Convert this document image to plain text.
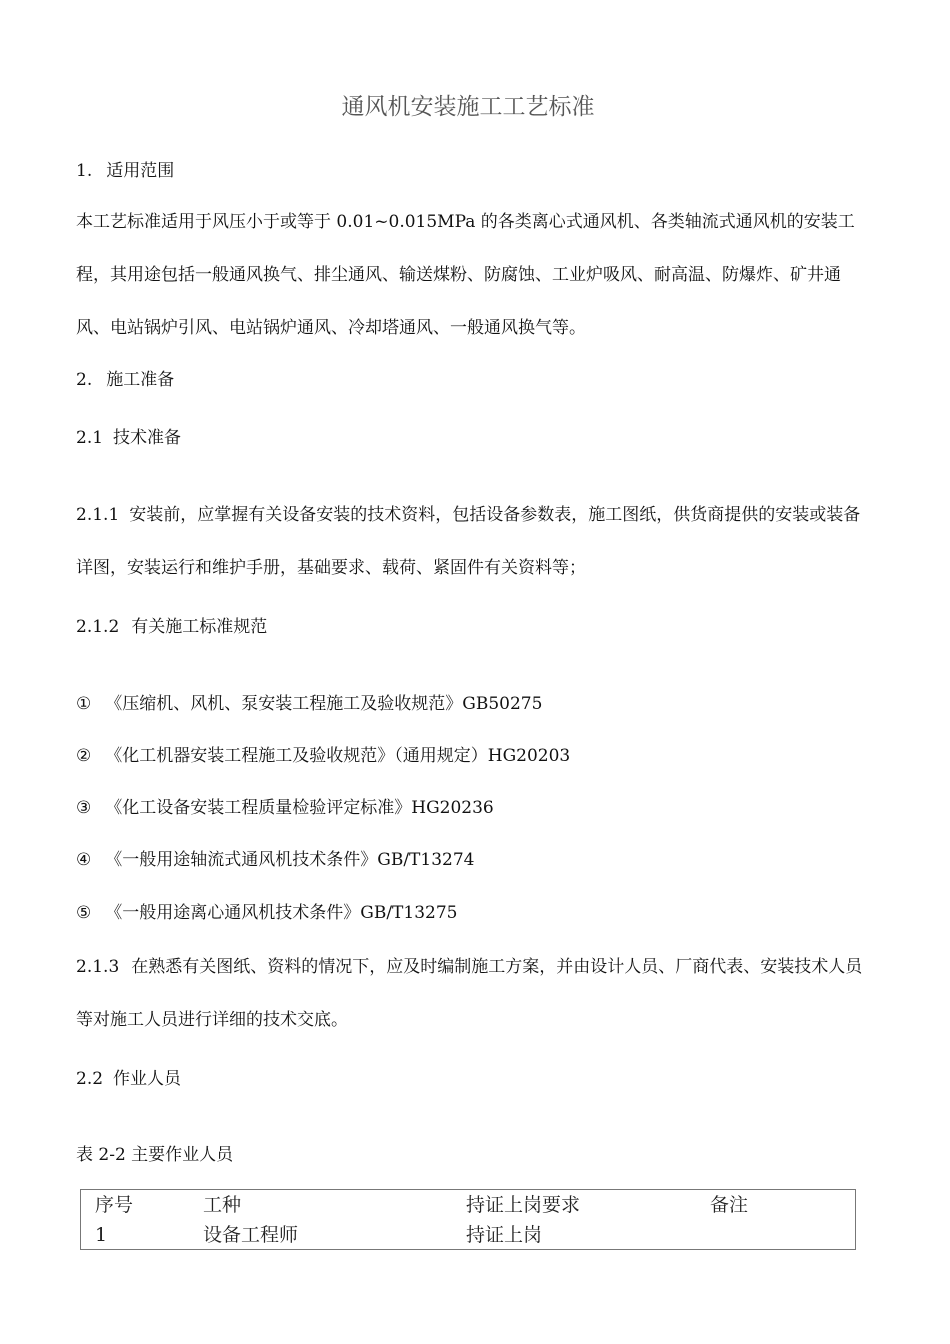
通风机安装施工工艺标准
1. 适用范围
本工艺标准适用于风压小于或等于 0.01~0.015MPa 的各类离心式通风机、各类轴流式通风机的安装工程，其用途包括一般通风换气、排尘通风、输送煤粉、防腐蚀、工业炉吸风、耐高温、防爆炸、矿井通风、电站锅炉引风、电站锅炉通风、冷却塔通风、一般通风换气等。
2. 施工准备
2.1 技术准备
2.1.1 安装前，应掌握有关设备安装的技术资料，包括设备参数表，施工图纸，供货商提供的安装或装备详图，安装运行和维护手册，基础要求、载荷、紧固件有关资料等；
2.1.2 有关施工标准规范
① 《压缩机、风机、泵安装工程施工及验收规范》GB50275
② 《化工机器安装工程施工及验收规范》（通用规定）HG20203
③ 《化工设备安装工程质量检验评定标准》HG20236
④ 《一般用途轴流式通风机技术条件》GB/T13274
⑤ 《一般用途离心通风机技术条件》GB/T13275
2.1.3 在熟悉有关图纸、资料的情况下，应及时编制施工方案，并由设计人员、厂商代表、安装技术人员等对施工人员进行详细的技术交底。
2.2 作业人员
表 2-2 主要作业人员
序号	工种	持证上岗要求	备注
1	设备工程师	持证上岗
